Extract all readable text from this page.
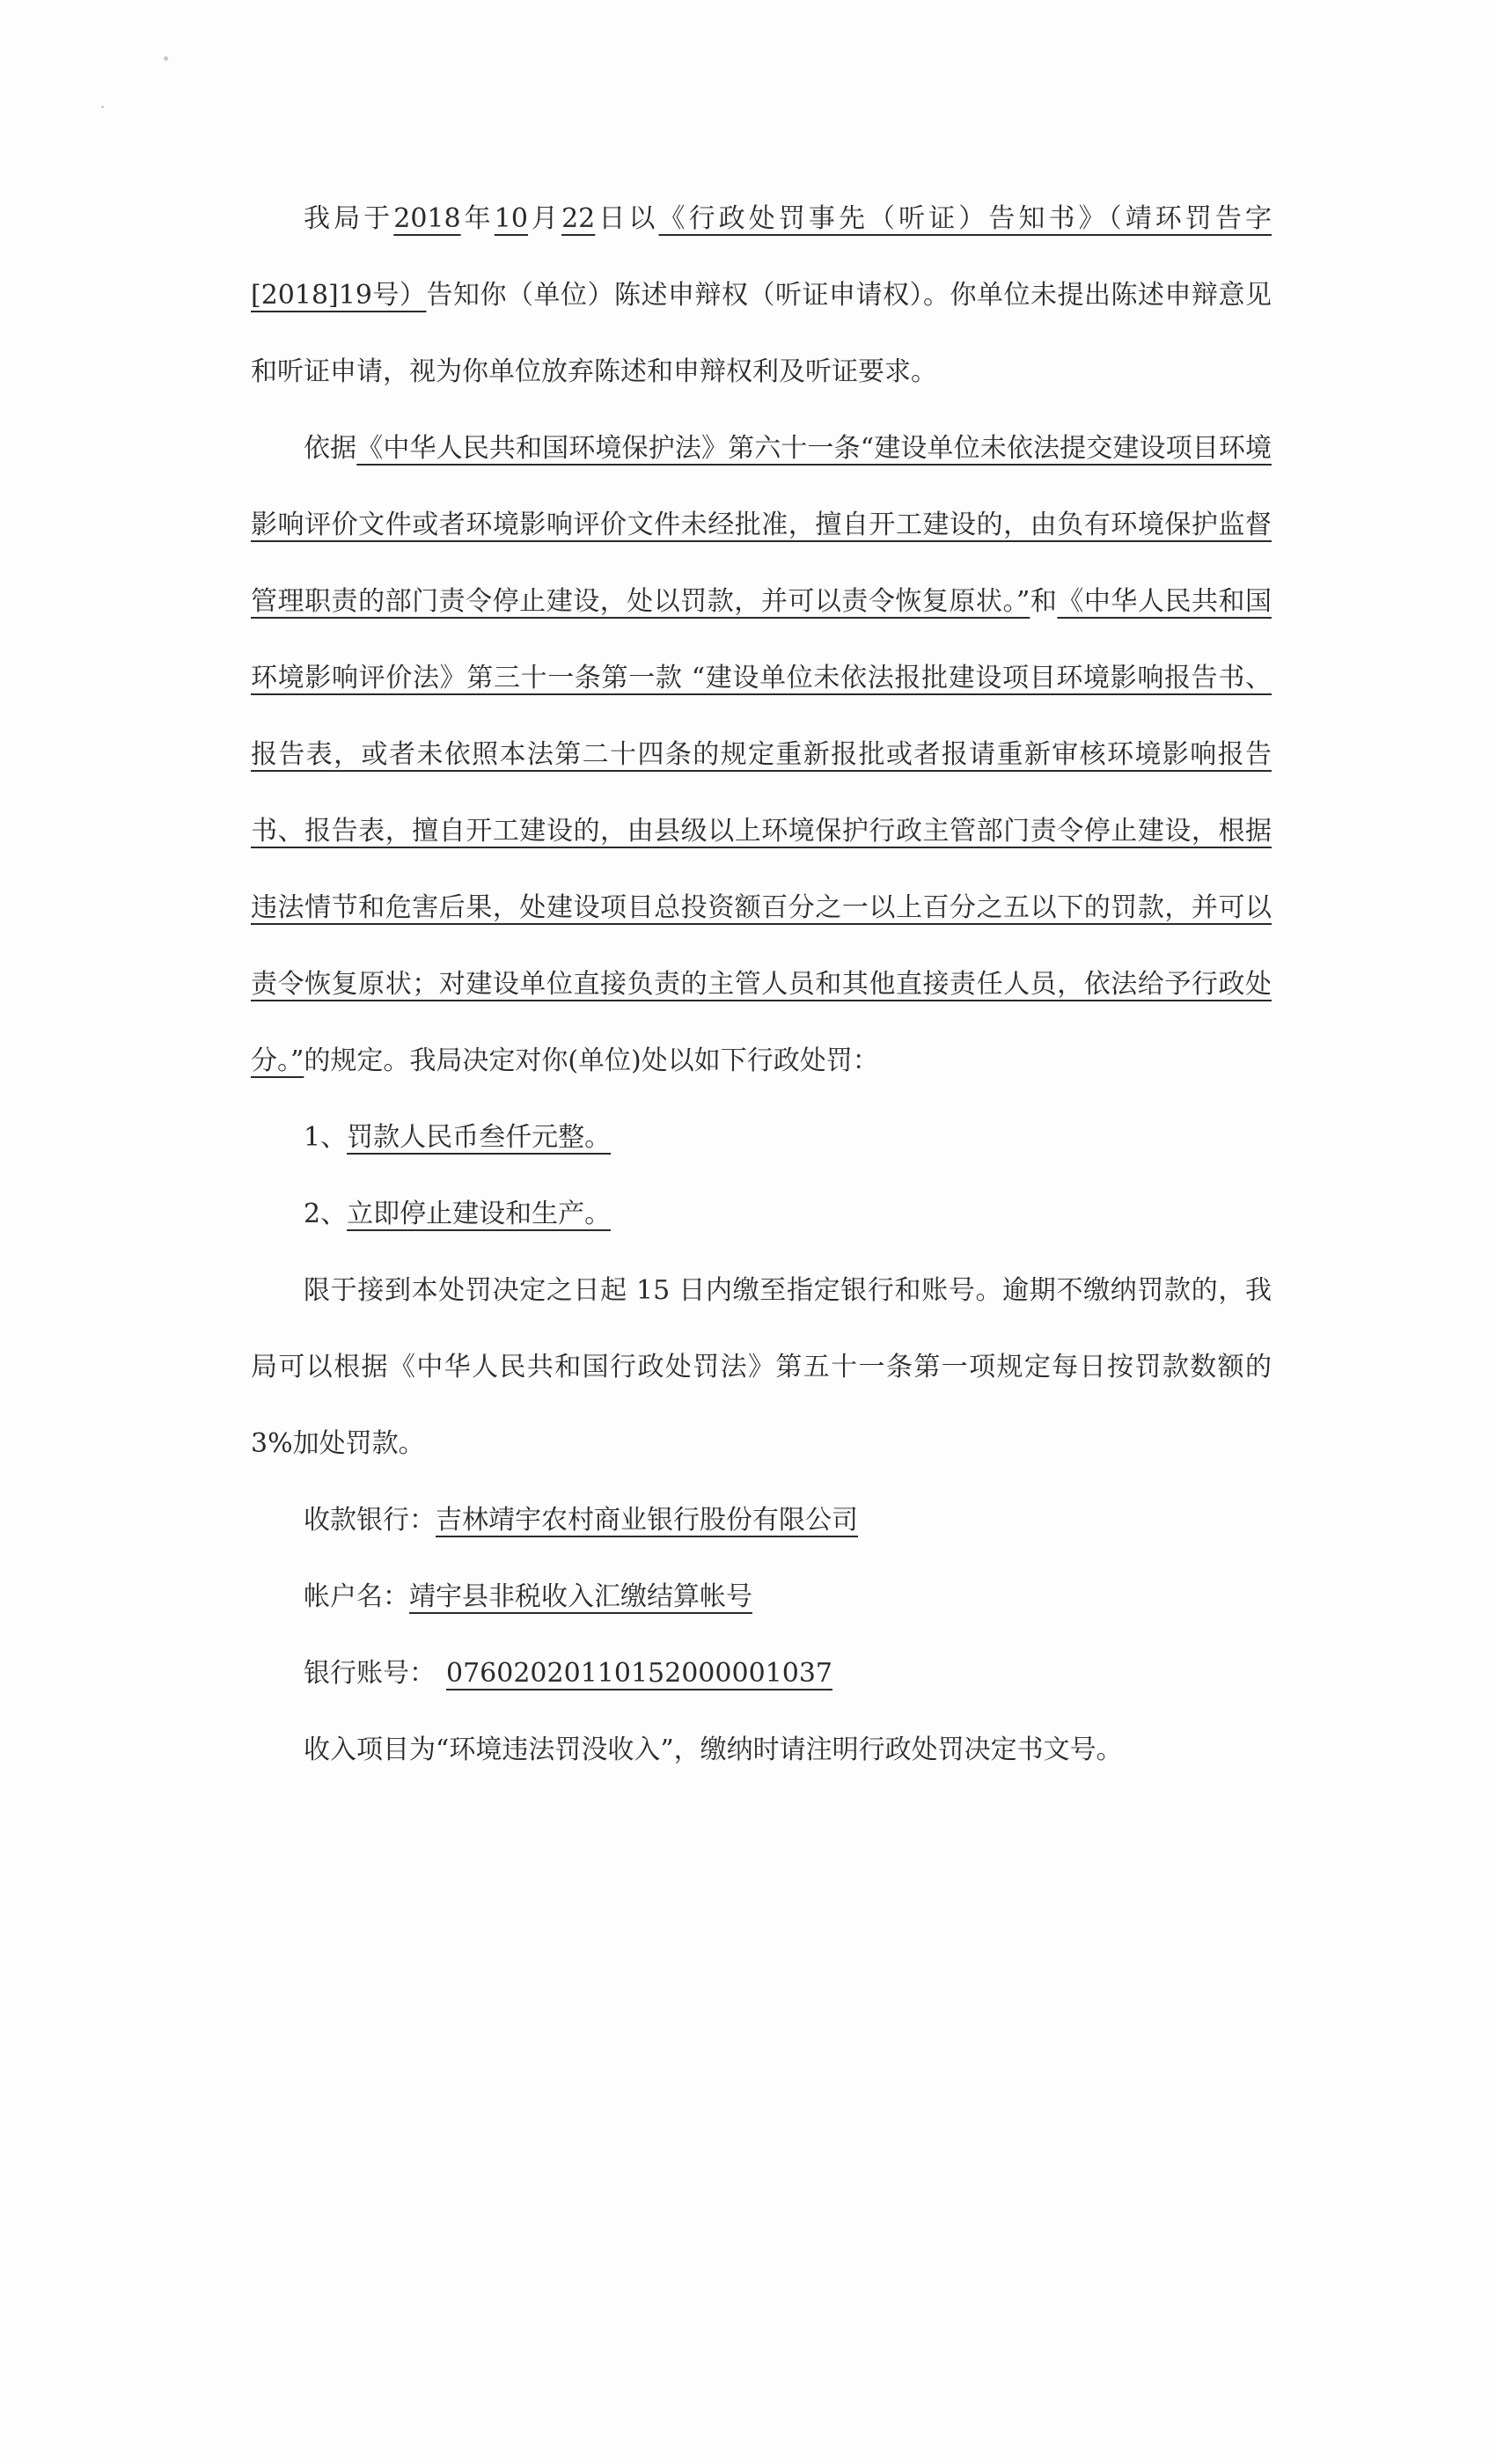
我局于2018年10月22日以《行政处罚事先（听证）告知书》（靖环罚告字[2018]19号）告知你（单位）陈述申辩权（听证申请权）。你单位未提出陈述申辩意见和听证申请，视为你单位放弃陈述和申辩权利及听证要求。

依据《中华人民共和国环境保护法》第六十一条“建设单位未依法提交建设项目环境影响评价文件或者环境影响评价文件未经批准，擅自开工建设的，由负有环境保护监督管理职责的部门责令停止建设，处以罚款，并可以责令恢复原状。”和《中华人民共和国环境影响评价法》第三十一条第一款 “建设单位未依法报批建设项目环境影响报告书、报告表，或者未依照本法第二十四条的规定重新报批或者报请重新审核环境影响报告书、报告表，擅自开工建设的，由县级以上环境保护行政主管部门责令停止建设，根据违法情节和危害后果，处建设项目总投资额百分之一以上百分之五以下的罚款，并可以责令恢复原状；对建设单位直接负责的主管人员和其他直接责任人员，依法给予行政处分。”的规定。我局决定对你(单位)处以如下行政处罚：

1、罚款人民币叁仟元整。

2、立即停止建设和生产。

限于接到本处罚决定之日起 15 日内缴至指定银行和账号。逾期不缴纳罚款的，我局可以根据《中华人民共和国行政处罚法》第五十一条第一项规定每日按罚款数额的 3%加处罚款。

收款银行：吉林靖宇农村商业银行股份有限公司

帐户名：靖宇县非税收入汇缴结算帐号

银行账号： 07602020110152000001037

收入项目为“环境违法罚没收入”，缴纳时请注明行政处罚决定书文号。
